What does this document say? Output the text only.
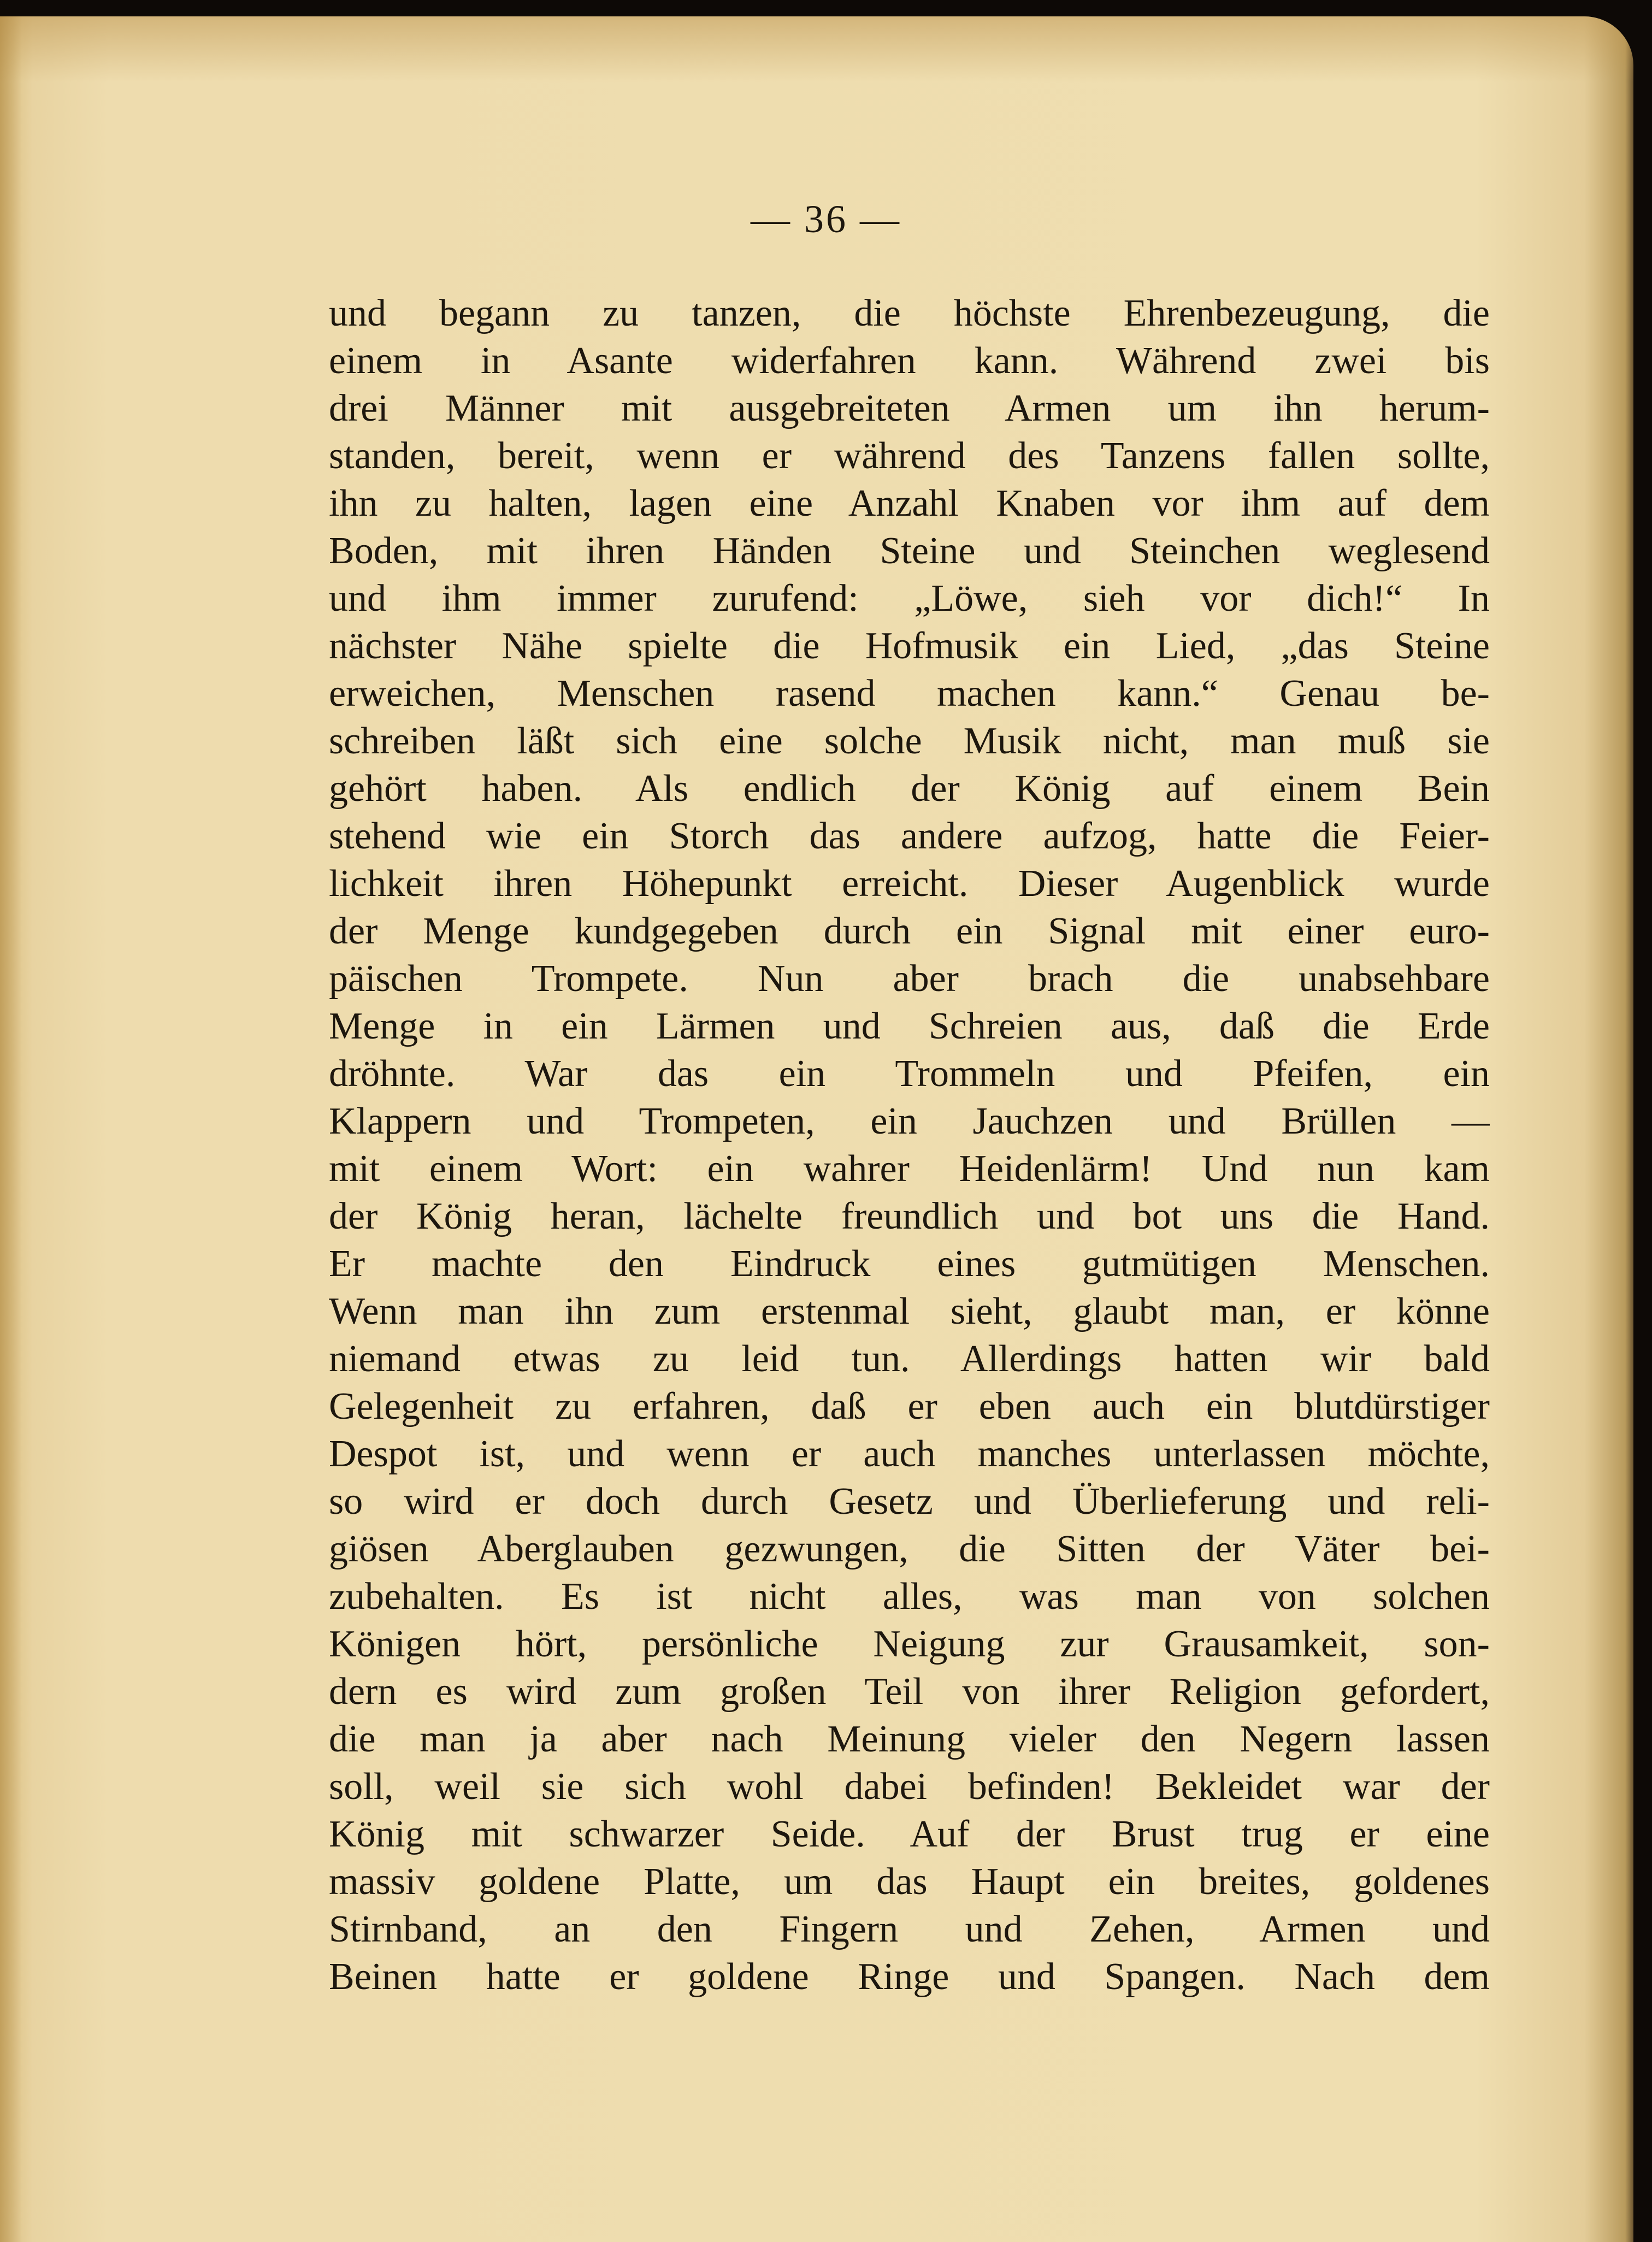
— 36 —
und begann zu tanzen, die höchste Ehrenbezeugung, die
einem in Asante widerfahren kann. Während zwei bis
drei Männer mit ausgebreiteten Armen um ihn herum-
standen, bereit, wenn er während des Tanzens fallen sollte,
ihn zu halten, lagen eine Anzahl Knaben vor ihm auf dem
Boden, mit ihren Händen Steine und Steinchen weglesend
und ihm immer zurufend: „Löwe, sieh vor dich!“ In
nächster Nähe spielte die Hofmusik ein Lied, „das Steine
erweichen, Menschen rasend machen kann.“ Genau be-
schreiben läßt sich eine solche Musik nicht, man muß sie
gehört haben. Als endlich der König auf einem Bein
stehend wie ein Storch das andere aufzog, hatte die Feier-
lichkeit ihren Höhepunkt erreicht. Dieser Augenblick wurde
der Menge kundgegeben durch ein Signal mit einer euro-
päischen Trompete. Nun aber brach die unabsehbare
Menge in ein Lärmen und Schreien aus, daß die Erde
dröhnte. War das ein Trommeln und Pfeifen, ein
Klappern und Trompeten, ein Jauchzen und Brüllen —
mit einem Wort: ein wahrer Heidenlärm! Und nun kam
der König heran, lächelte freundlich und bot uns die Hand.
Er machte den Eindruck eines gutmütigen Menschen.
Wenn man ihn zum erstenmal sieht, glaubt man, er könne
niemand etwas zu leid tun. Allerdings hatten wir bald
Gelegenheit zu erfahren, daß er eben auch ein blutdürstiger
Despot ist, und wenn er auch manches unterlassen möchte,
so wird er doch durch Gesetz und Überlieferung und reli-
giösen Aberglauben gezwungen, die Sitten der Väter bei-
zubehalten. Es ist nicht alles, was man von solchen
Königen hört, persönliche Neigung zur Grausamkeit, son-
dern es wird zum großen Teil von ihrer Religion gefordert,
die man ja aber nach Meinung vieler den Negern lassen
soll, weil sie sich wohl dabei befinden! Bekleidet war der
König mit schwarzer Seide. Auf der Brust trug er eine
massiv goldene Platte, um das Haupt ein breites, goldenes
Stirnband, an den Fingern und Zehen, Armen und
Beinen hatte er goldene Ringe und Spangen. Nach dem
